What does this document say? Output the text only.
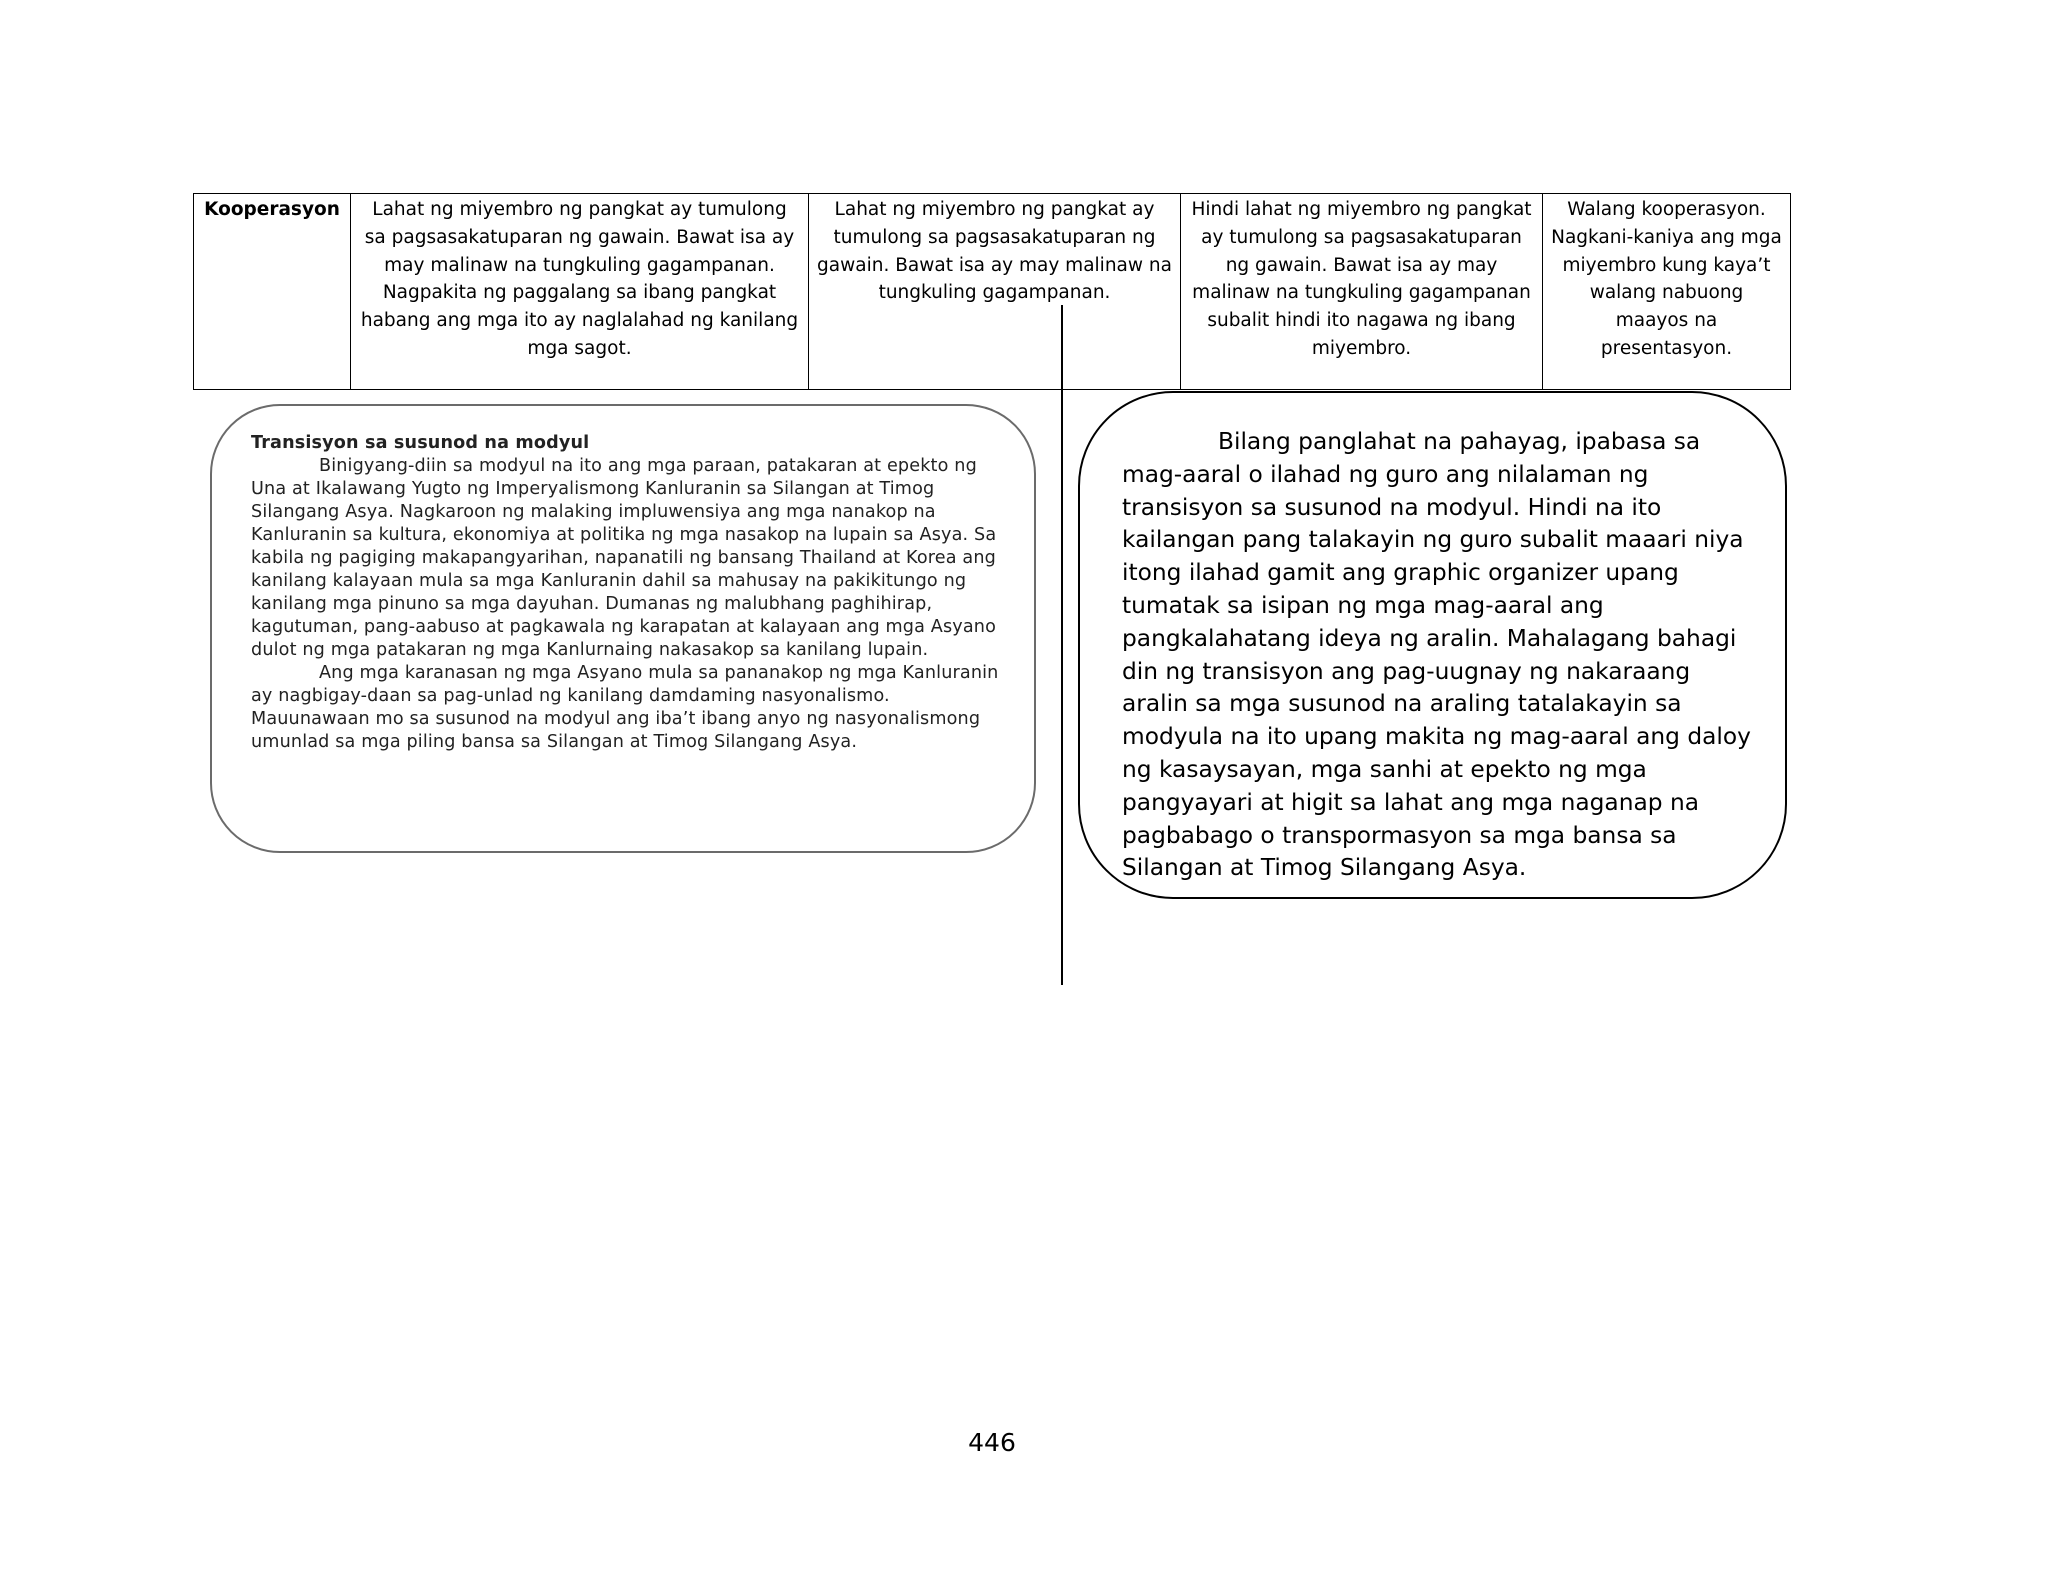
Kooperasyon	Lahat ng miyembro ng pangkat ay tumulong sa pagsasakatuparan ng gawain. Bawat isa ay may malinaw na tungkuling gagampanan. Nagpakita ng paggalang sa ibang pangkat habang ang mga ito ay naglalahad ng kanilang mga sagot.	Lahat ng miyembro ng pangkat ay tumulong sa pagsasakatuparan ng gawain. Bawat isa ay may malinaw na tungkuling gagampanan.	Hindi lahat ng miyembro ng pangkat ay tumulong sa pagsasakatuparan ng gawain. Bawat isa ay may malinaw na tungkuling gagampanan subalit hindi ito nagawa ng ibang miyembro.	Walang kooperasyon. Nagkani-kaniya ang mga miyembro kung kaya’t walang nabuong maayos na presentasyon.

Transisyon sa susunod na modyul

Binigyang-diin sa modyul na ito ang mga paraan, patakaran at epekto ng Una at Ikalawang Yugto ng Imperyalismong Kanluranin sa Silangan at Timog Silangang Asya. Nagkaroon ng malaking impluwensiya ang mga nanakop na Kanluranin sa kultura, ekonomiya at politika ng mga nasakop na lupain sa Asya. Sa kabila ng pagiging makapangyarihan, napanatili ng bansang Thailand at Korea ang kanilang kalayaan mula sa mga Kanluranin dahil sa mahusay na pakikitungo ng kanilang mga pinuno sa mga dayuhan. Dumanas ng malubhang paghihirap, kagutuman, pang-aabuso at pagkawala ng karapatan at kalayaan ang mga Asyano dulot ng mga patakaran ng mga Kanlurnaing nakasakop sa kanilang lupain.

Ang mga karanasan ng mga Asyano mula sa pananakop ng mga Kanluranin ay nagbigay-daan sa pag-unlad ng kanilang damdaming nasyonalismo. Mauunawaan mo sa susunod na modyul ang iba’t ibang anyo ng nasyonalismong umunlad sa mga piling bansa sa Silangan at Timog Silangang Asya.

Bilang panglahat na pahayag, ipabasa sa mag-aaral o ilahad ng guro ang nilalaman ng transisyon sa susunod na modyul. Hindi na ito kailangan pang talakayin ng guro subalit maaari niya itong ilahad gamit ang graphic organizer upang tumatak sa isipan ng mga mag-aaral ang pangkalahatang ideya ng aralin. Mahalagang bahagi din ng transisyon ang pag-uugnay ng nakaraang aralin sa mga susunod na araling tatalakayin sa modyula na ito upang makita ng mag-aaral ang daloy ng kasaysayan, mga sanhi at epekto ng mga pangyayari at higit sa lahat ang mga naganap na pagbabago o transpormasyon sa mga bansa sa Silangan at Timog Silangang Asya.

446
